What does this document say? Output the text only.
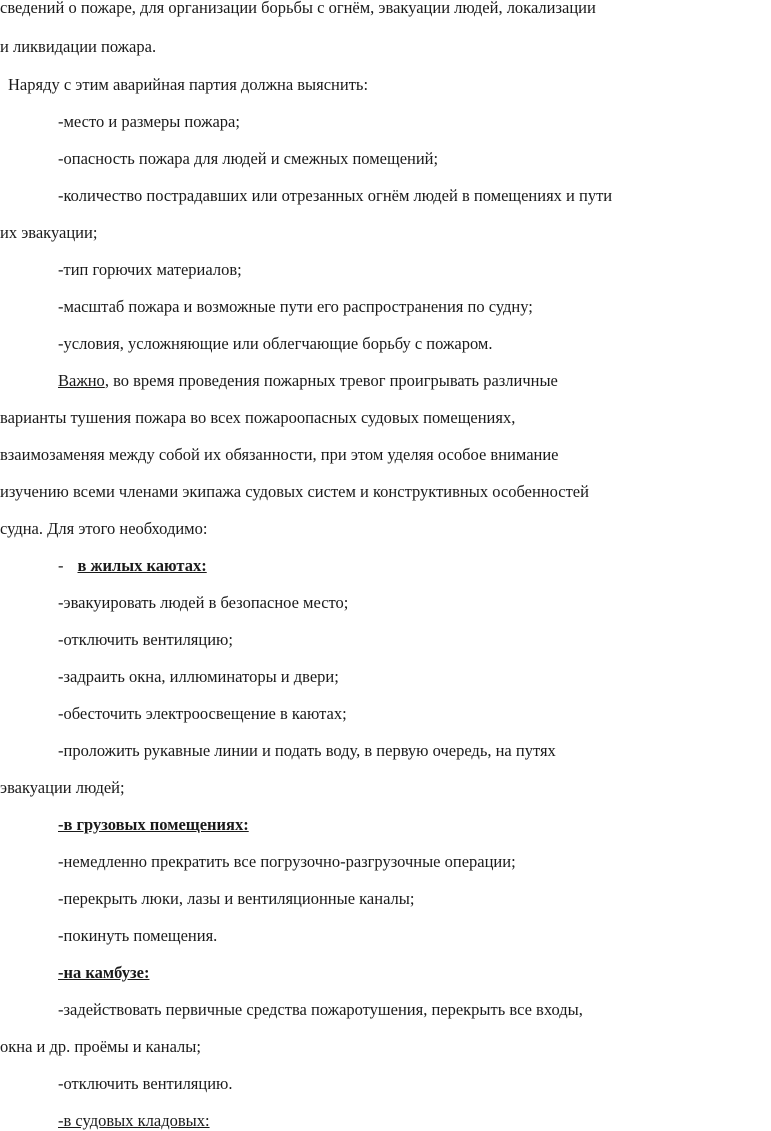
сведений о пожаре, для организации борьбы с огнём, эвакуации людей, локализации
и ликвидации пожара.
Наряду с этим аварийная партия должна выяснить:
-место и размеры пожара;
-опасность пожара для людей и смежных помещений;
-количество пострадавших или отрезанных огнём людей в помещениях и пути
их эвакуации;
-тип горючих материалов;
-масштаб пожара и возможные пути его распространения по судну;
-условия, усложняющие или облегчающие борьбу с пожаром.
Важно, во время проведения пожарных тревог проигрывать различные
варианты тушения пожара во всех пожароопасных судовых помещениях,
взаимозаменяя между собой их обязанности, при этом уделяя особое внимание
изучению всеми членами экипажа судовых систем и конструктивных особенностей
судна. Для этого необходимо:
- в жилых каютах:
-эвакуировать людей в безопасное место;
-отключить вентиляцию;
-задраить окна, иллюминаторы и двери;
-обесточить электроосвещение в каютах;
-проложить рукавные линии и подать воду, в первую очередь, на путях
эвакуации людей;
-в грузовых помещениях:
-немедленно прекратить все погрузочно-разгрузочные операции;
-перекрыть люки, лазы и вентиляционные каналы;
-покинуть помещения.
-на камбузе:
-задействовать первичные средства пожаротушения, перекрыть все входы,
окна и др. проёмы и каналы;
-отключить вентиляцию.
-в судовых кладовых:
